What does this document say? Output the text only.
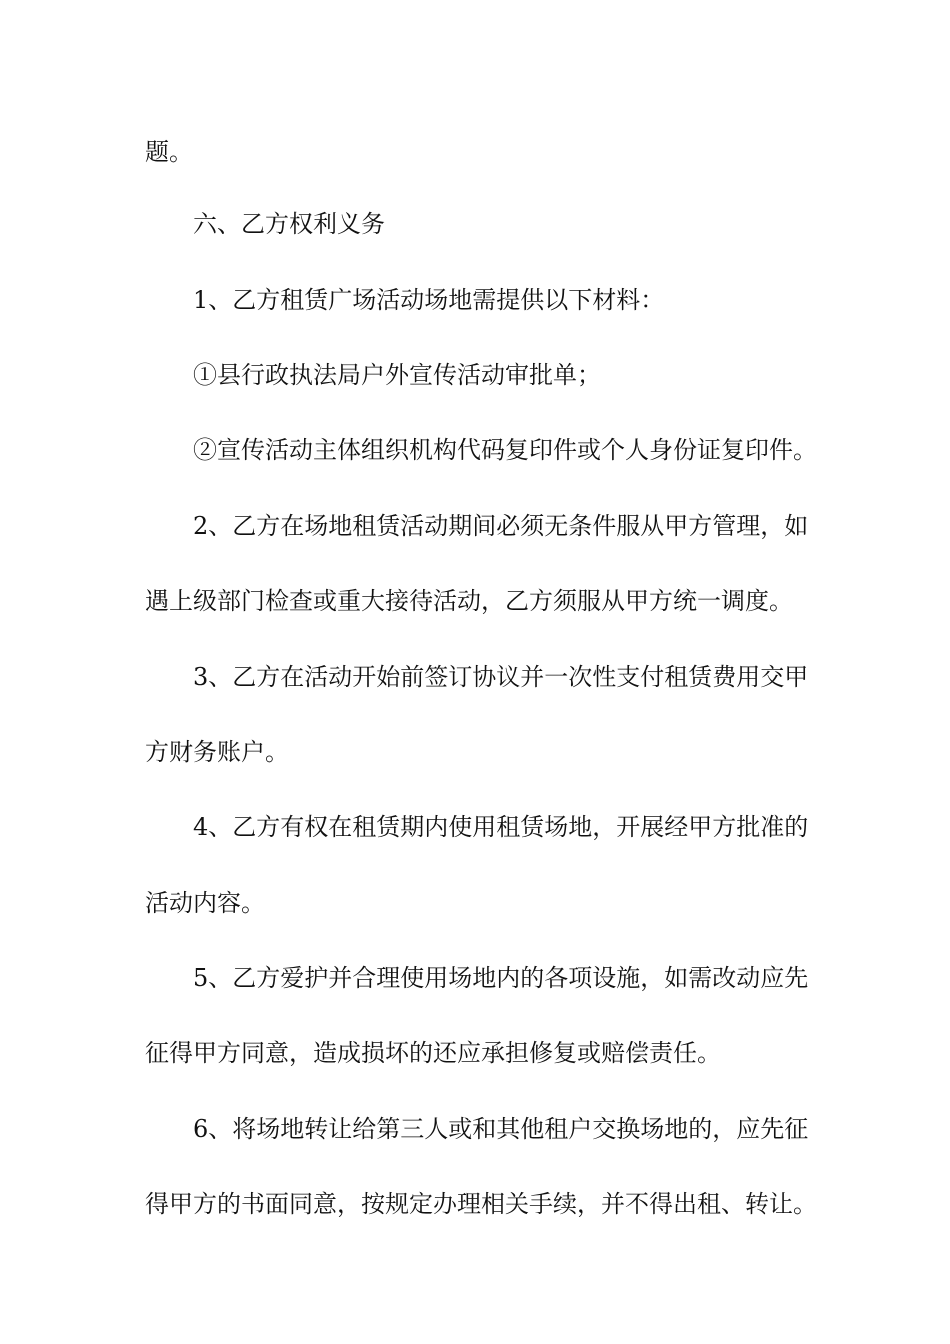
题。

六、乙方权利义务

1、乙方租赁广场活动场地需提供以下材料：

①县行政执法局户外宣传活动审批单；

②宣传活动主体组织机构代码复印件或个人身份证复印件。

2、乙方在场地租赁活动期间必须无条件服从甲方管理，如

遇上级部门检查或重大接待活动，乙方须服从甲方统一调度。

3、乙方在活动开始前签订协议并一次性支付租赁费用交甲

方财务账户。

4、乙方有权在租赁期内使用租赁场地，开展经甲方批准的

活动内容。

5、乙方爱护并合理使用场地内的各项设施，如需改动应先

征得甲方同意，造成损坏的还应承担修复或赔偿责任。

6、将场地转让给第三人或和其他租户交换场地的，应先征

得甲方的书面同意，按规定办理相关手续，并不得出租、转让。
